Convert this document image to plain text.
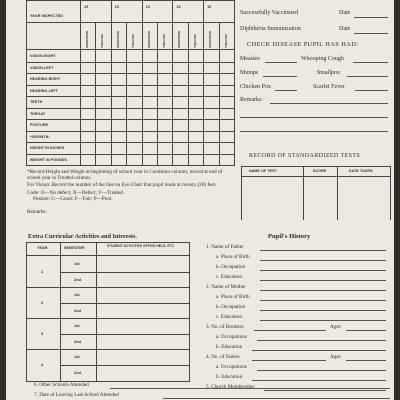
YEAR INSPECTED
19	19	19	19	19
CONDITION	TREATED	CONDITION	TREATED	CONDITION	TREATED	CONDITION	TREATED	CONDITION	TREATED
VISION-RIGHT
VISION-LEFT
HEARING-RIGHT
HEARING-LEFT
TEETH
THROAT
POSTURE
*GROWTH:
HEIGHT IN INCHES
WEIGHT IN POUNDS
*Record Height and Weight at beginning of school year in Condition column; record at end of school year in Treated column.
For Vision: Record the number of the line on Eye Chart that pupil reads at twenty (20) feet.
Code: O—No defect; X—Defect; V—Treated.
Posture: G—Good; F—Fair; P—Poor.
Remarks:
Successfully Vaccinated	Date
Diphtheria Immunization	Date
CHECK DISEASE PUPIL HAS HAD:
Measles	Whooping Cough
Mumps	Smallpox
Chicken Pox	Scarlet Fever
Remarks:
RECORD OF STANDARDIZED TESTS
NAME OF TEST	SCORE	DATE TAKEN
Extra Curricular Activities and Interests.
YEAR	SEMESTER	STUDENT ACTIVITIES OFFICE HELD, ETC.
1
1st
2nd
2
1st
2nd
3
1st
2nd
4
1st
2nd
Pupil's History
1. Name of Father
a. Place of Birth
b. Occupation
c. Education
2. Name of Mother
a. Place of Birth
b. Occupation
c. Education
3. No. of Brothers	Ages
a. Occupations
b. Education
4. No. of Sisters	Ages
a. Occupations
b. Education
5. Church Membership
6. Other Schools Attended
7. Date of Leaving Last School Attended
